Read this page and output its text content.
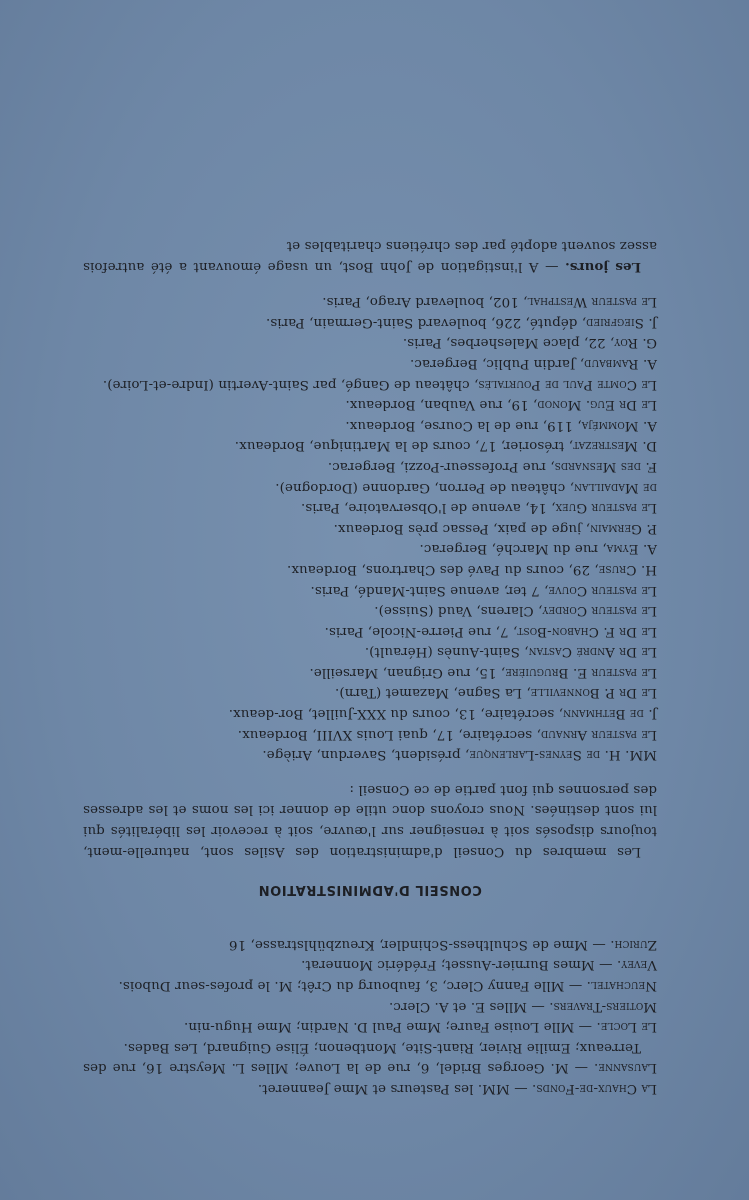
La Chaux-de-Fonds. — MM. les Pasteurs et Mme Jeanneret.

Lausanne. — M. Georges Bridel, 6, rue de la Louve; Mlles L. Meystre 16, rue des Terreaux; Emilie Rivier, Riant-Site, Montbenon; Élise Guignard, Les Bades.

Le Locle. — Mlle Louise Faure; Mme Paul D. Nardin; Mme Hugu-nin.

Motiers-Travers. — Mlles E. et A. Clerc.

Neuchatel. — Mlle Fanny Clerc, 3, faubourg du Crêt; M. le profes-seur Dubois.

Vevey. — Mmes Burnier-Ausset; Frédéric Monnerat.

Zurich. — Mme de Schulthess-Schindler, Kreuzbühlstrasse, 16

CONSEIL D'ADMINISTRATION

Les membres du Conseil d'administration des Asiles sont, naturelle-ment, toujours disposés soit à renseigner sur l'œuvre, soit à recevoir les libéralités qui lui sont destinées. Nous croyons donc utile de donner ici les noms et les adresses des personnes qui font partie de ce Conseil :

MM. H. de Seynes-Larlenque, président, Saverdun, Ariège.

Le pasteur Arnaud, secrétaire, 17, quai Louis XVIII, Bordeaux.

J. de Bethmann, secrétaire, 13, cours du XXX-Juillet, Bor-deaux.

Le Dr P. Bonneville, La Sagne, Mazamet (Tarn).

Le pasteur E. Bruguière, 15, rue Grignan, Marseille.

Le Dr André Castan, Saint-Aunès (Hérault).

Le Dr F. Chabon-Bost, 7, rue Pierre-Nicole, Paris.

Le pasteur Cordey, Clarens, Vaud (Suisse).

Le pasteur Couve, 7 ter, avenue Saint-Mandé, Paris.

H. Cruse, 29, cours du Pavé des Chartrons, Bordeaux.

A. Eyma, rue du Marché, Bergerac.

P. Germain, juge de paix, Pessac près Bordeaux.

Le pasteur Guex, 14, avenue de l'Observatoire, Paris.

de Madaillan, château de Perron, Gardonne (Dordogne).

F. des Mesnards, rue Professeur-Pozzi, Bergerac.

D. Mestrezat, trésorier, 17, cours de la Martinique, Bordeaux.

A. Momméja, 119, rue de la Course, Bordeaux.

Le Dr Eug. Monod, 19, rue Vauban, Bordeaux.

Le Comte Paul de Pourtalès, château de Gangé, par Saint-Avertin (Indre-et-Loire).

A. Rambaud, Jardin Public, Bergerac.

G. Roy, 22, place Malesherbes, Paris.

J. Siegfried, député, 226, boulevard Saint-Germain, Paris.

Le pasteur Westphal, 102, boulevard Arago, Paris.

Les jours. — A l'instigation de John Bost, un usage émouvant a été autrefois assez souvent adopté par des chrétiens charitables et
